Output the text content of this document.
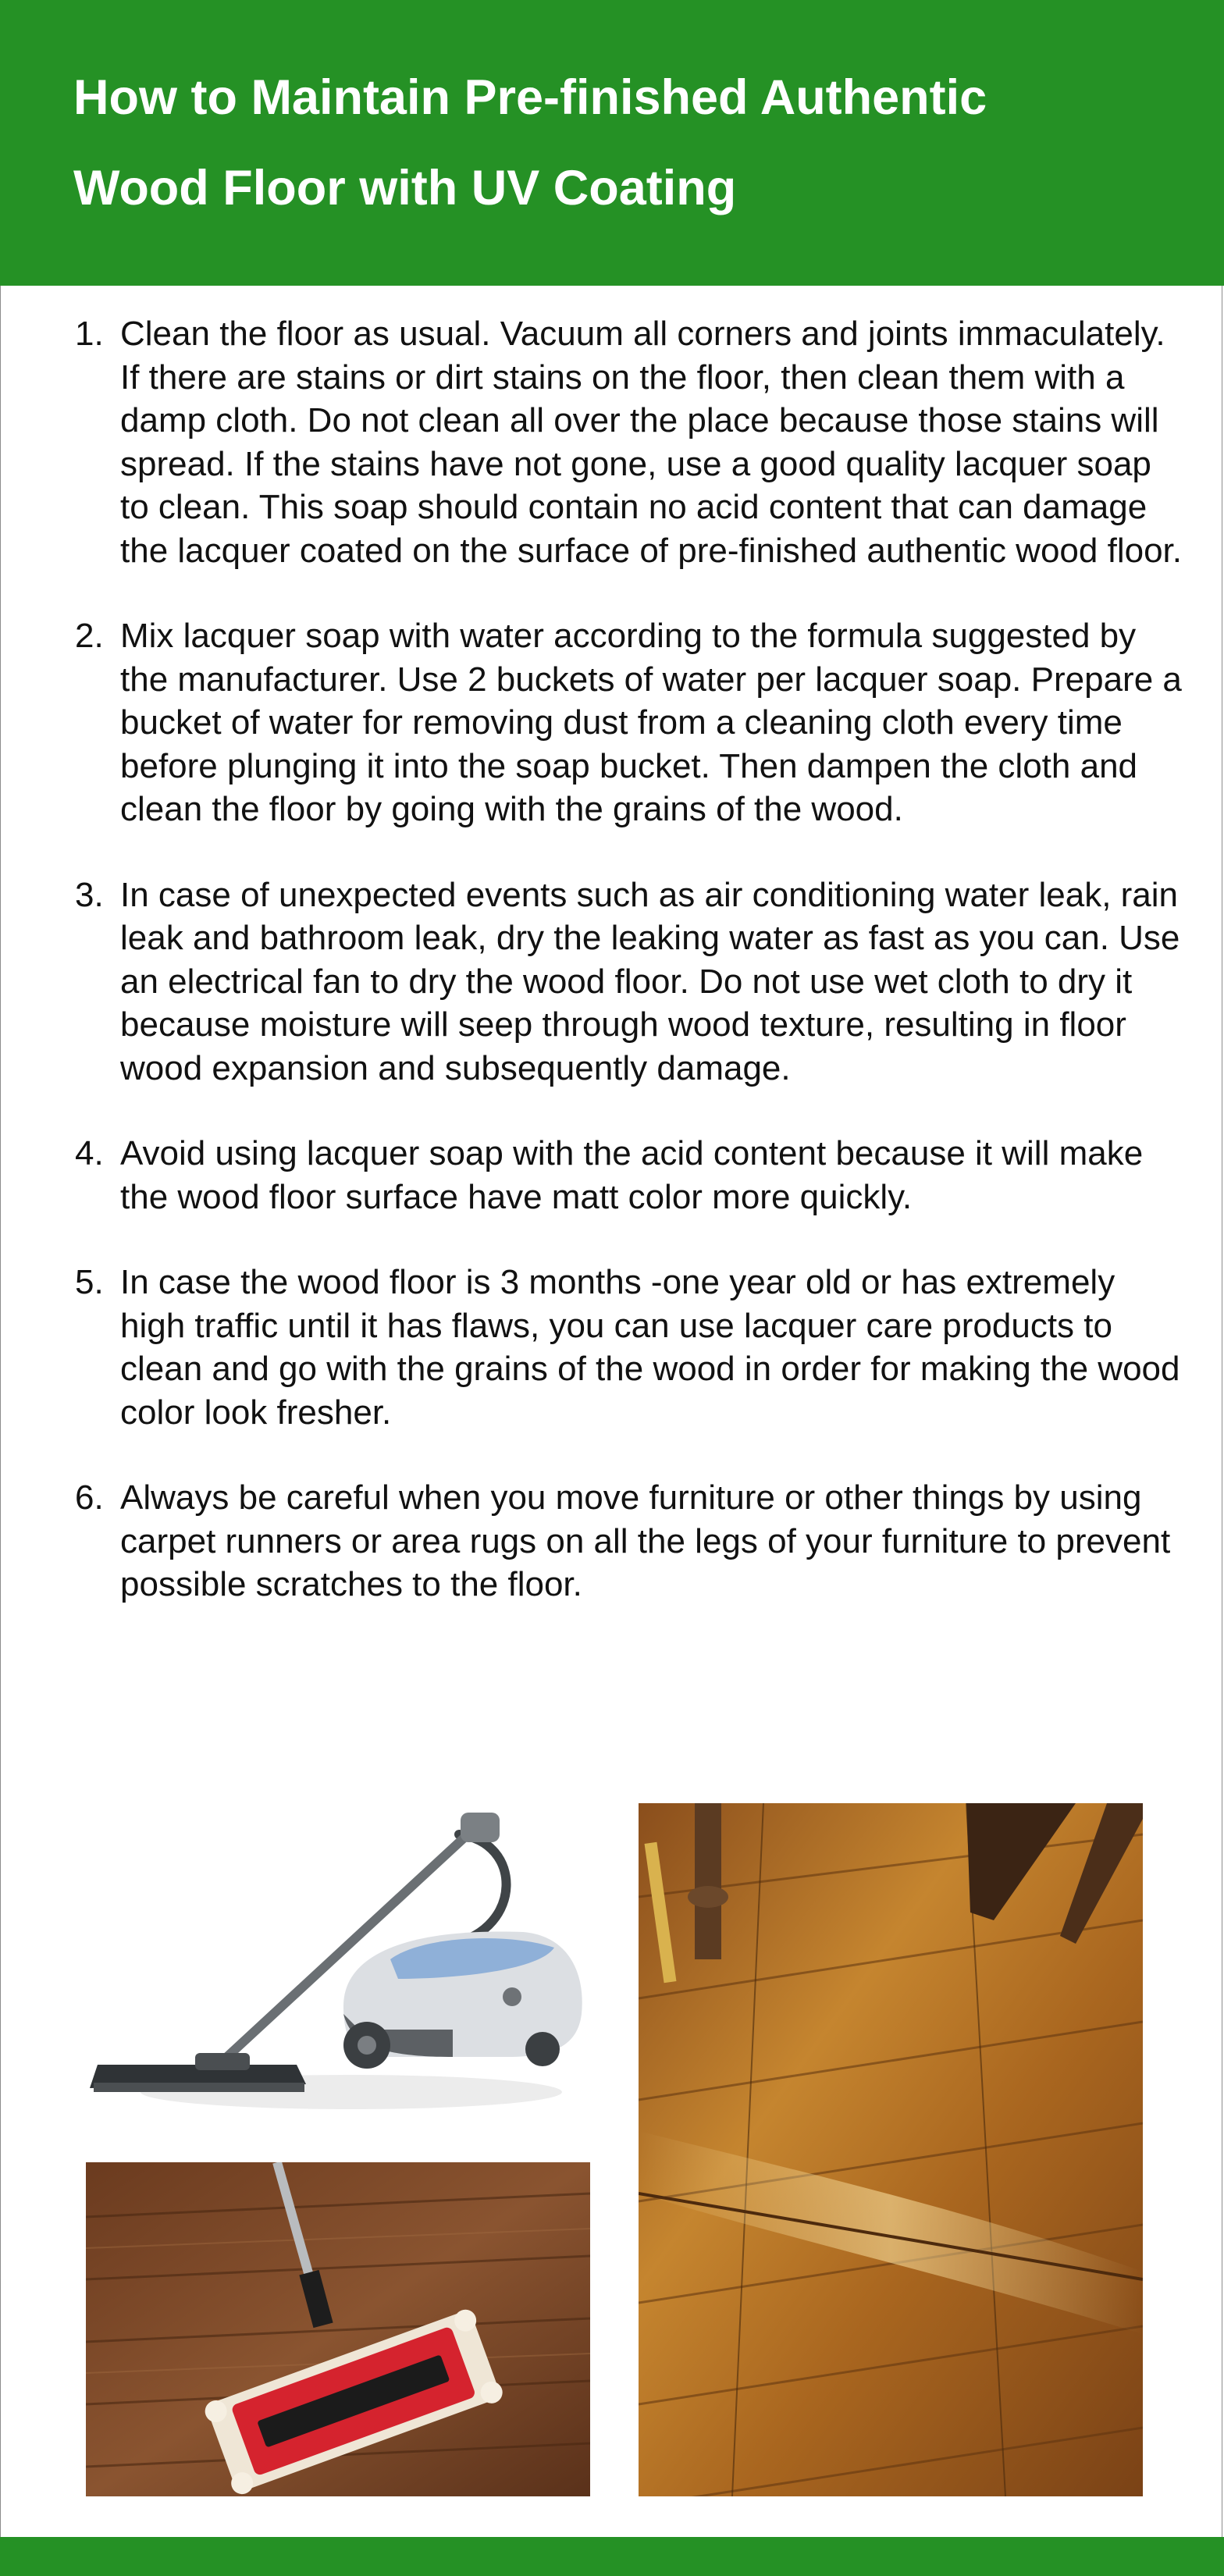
How to Maintain Pre-finished Authentic
Wood Floor with UV Coating
1. Clean the floor as usual. Vacuum all corners and joints immaculately. If there are stains or dirt stains on the floor, then clean them with a damp cloth. Do not clean all over the place because those stains will spread. If the stains have not gone, use a good quality lacquer soap to clean. This soap should contain no acid content that can damage the lacquer coated on the surface of pre-finished authentic wood floor.
2. Mix lacquer soap with water according to the formula suggested by the manufacturer. Use 2 buckets of water per lacquer soap. Prepare a bucket of water for removing dust from a cleaning cloth every time before plunging it into the soap bucket. Then dampen the cloth and clean the floor by going with the grains of the wood.
3. In case of unexpected events such as air conditioning water leak, rain leak and bathroom leak, dry the leaking water as fast as you can. Use an electrical fan to dry the wood floor. Do not use wet cloth to dry it because moisture will seep through wood texture, resulting in floor wood expansion and subsequently damage.
4. Avoid using lacquer soap with the acid content because it will make the wood floor surface have matt color more quickly.
5. In case the wood floor is 3 months -one year old or has extremely high traffic until it has flaws, you can use lacquer care products to clean and go with the grains of the wood in order for making the wood color look fresher.
6. Always be careful when you move furniture or other things by using carpet runners or area rugs on all the legs of your furniture to prevent possible scratches to the floor.
